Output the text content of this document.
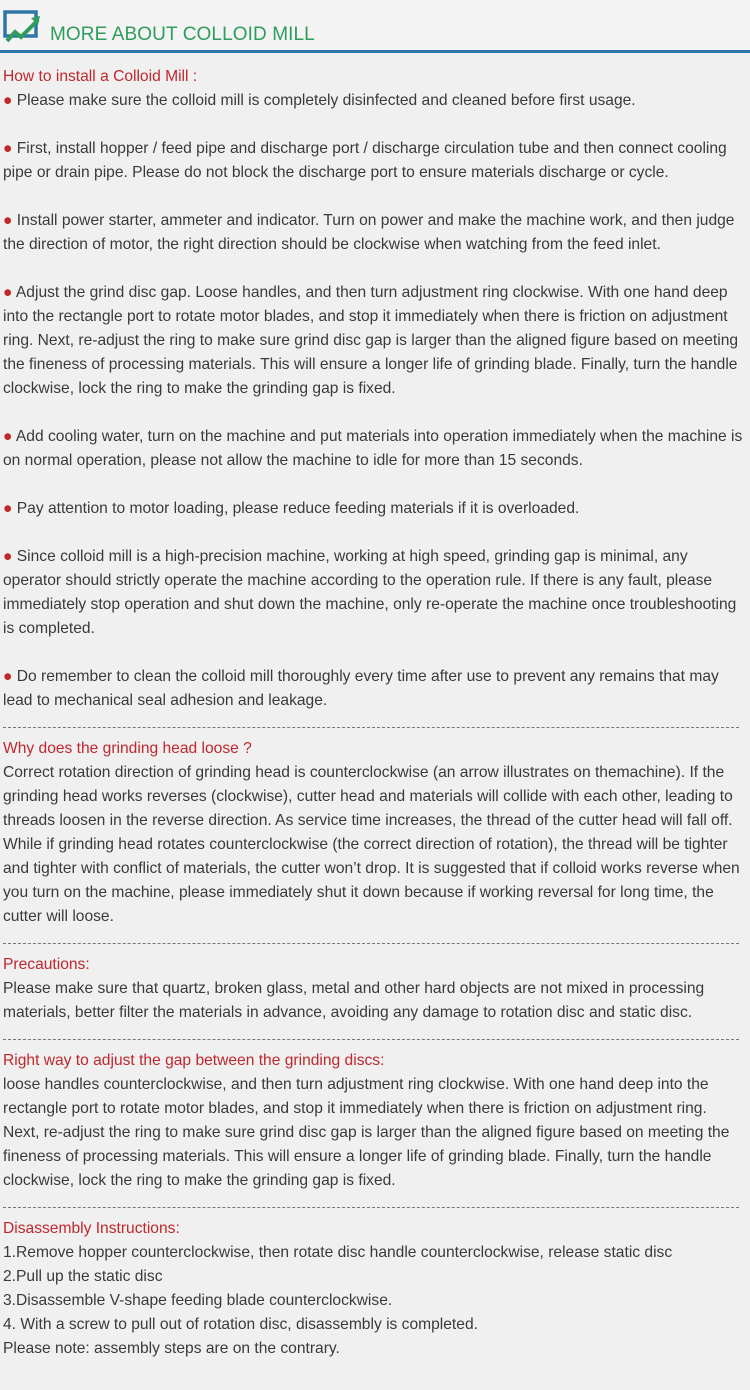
MORE ABOUT COLLOID MILL

How to install a Colloid Mill :

● Please make sure the colloid mill is completely disinfected and cleaned before first usage.

● First, install hopper / feed pipe and discharge port / discharge circulation tube and then connect cooling pipe or drain pipe. Please do not block the discharge port to ensure materials discharge or cycle.

● Install power starter, ammeter and indicator. Turn on power and make the machine work, and then judge the direction of motor, the right direction should be clockwise when watching from the feed inlet.

● Adjust the grind disc gap. Loose handles, and then turn adjustment ring clockwise. With one hand deep into the rectangle port to rotate motor blades, and stop it immediately when there is friction on adjustment ring. Next, re-adjust the ring to make sure grind disc gap is larger than the aligned figure based on meeting the fineness of processing materials. This will ensure a longer life of grinding blade. Finally, turn the handle clockwise, lock the ring to make the grinding gap is fixed.

● Add cooling water, turn on the machine and put materials into operation immediately when the machine is on normal operation, please not allow the machine to idle for more than 15 seconds.

● Pay attention to motor loading, please reduce feeding materials if it is overloaded.

● Since colloid mill is a high-precision machine, working at high speed, grinding gap is minimal, any operator should strictly operate the machine according to the operation rule. If there is any fault, please immediately stop operation and shut down the machine, only re-operate the machine once troubleshooting is completed.

● Do remember to clean the colloid mill thoroughly every time after use to prevent any remains that may lead to mechanical seal adhesion and leakage.

Why does the grinding head loose ?

Correct rotation direction of grinding head is counterclockwise (an arrow illustrates on themachine). If the grinding head works reverses (clockwise), cutter head and materials will collide with each other, leading to threads loosen in the reverse direction. As service time increases, the thread of the cutter head will fall off. While if grinding head rotates counterclockwise (the correct direction of rotation), the thread will be tighter and tighter with conflict of materials, the cutter won’t drop. It is suggested that if colloid works reverse when you turn on the machine, please immediately shut it down because if working reversal for long time, the cutter will loose.

Precautions:

Please make sure that quartz, broken glass, metal and other hard objects are not mixed in processing materials, better filter the materials in advance, avoiding any damage to rotation disc and static disc.

Right way to adjust the gap between the grinding discs:

loose handles counterclockwise, and then turn adjustment ring clockwise. With one hand deep into the rectangle port to rotate motor blades, and stop it immediately when there is friction on adjustment ring. Next, re-adjust the ring to make sure grind disc gap is larger than the aligned figure based on meeting the fineness of processing materials. This will ensure a longer life of grinding blade. Finally, turn the handle clockwise, lock the ring to make the grinding gap is fixed.

Disassembly Instructions:

1.Remove hopper counterclockwise, then rotate disc handle counterclockwise, release static disc

2.Pull up the static disc

3.Disassemble V-shape feeding blade counterclockwise.

4. With a screw to pull out of rotation disc, disassembly is completed.

Please note: assembly steps are on the contrary.
